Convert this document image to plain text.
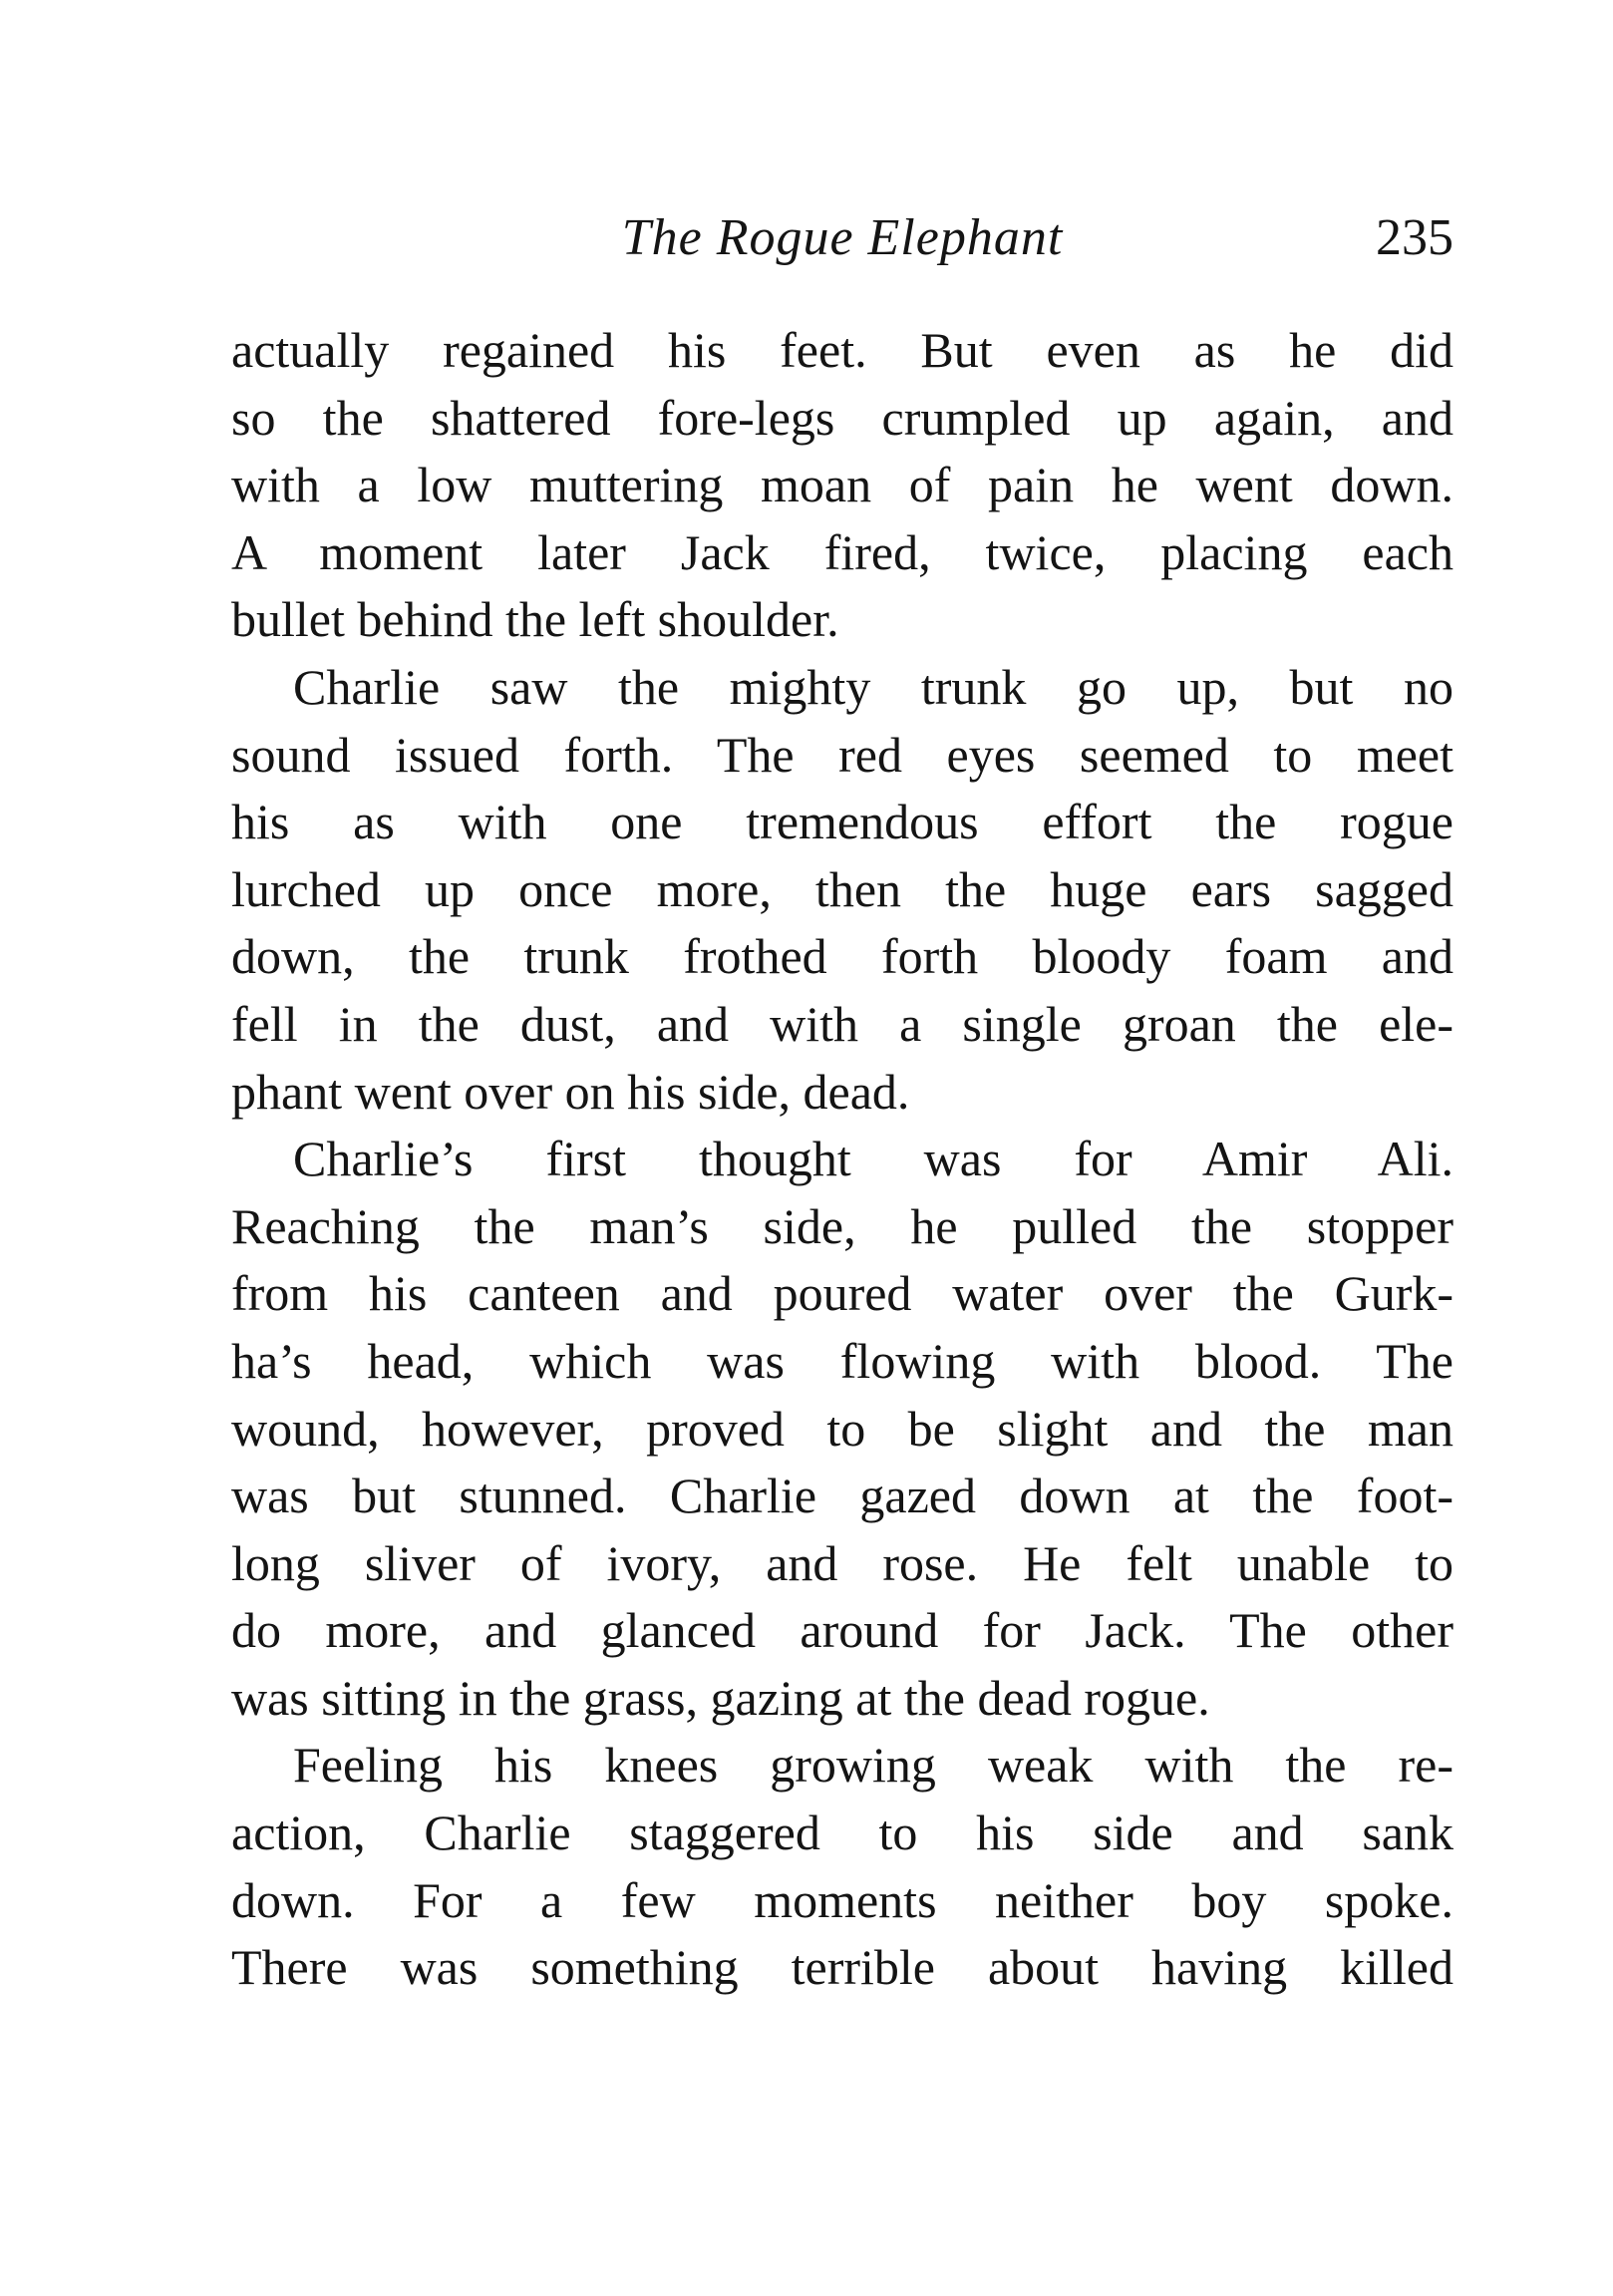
The Rogue Elephant	235
actually regained his feet. But even as he did
so the shattered fore-legs crumpled up again, and
with a low muttering moan of pain he went down.
A moment later Jack fired, twice, placing each
bullet behind the left shoulder.
Charlie saw the mighty trunk go up, but no
sound issued forth. The red eyes seemed to meet
his as with one tremendous effort the rogue
lurched up once more, then the huge ears sagged
down, the trunk frothed forth bloody foam and
fell in the dust, and with a single groan the ele-
phant went over on his side, dead.
Charlie’s first thought was for Amir Ali.
Reaching the man’s side, he pulled the stopper
from his canteen and poured water over the Gurk-
ha’s head, which was flowing with blood. The
wound, however, proved to be slight and the man
was but stunned. Charlie gazed down at the foot-
long sliver of ivory, and rose. He felt unable to
do more, and glanced around for Jack. The other
was sitting in the grass, gazing at the dead rogue.
Feeling his knees growing weak with the re-
action, Charlie staggered to his side and sank
down. For a few moments neither boy spoke.
There was something terrible about having killed
